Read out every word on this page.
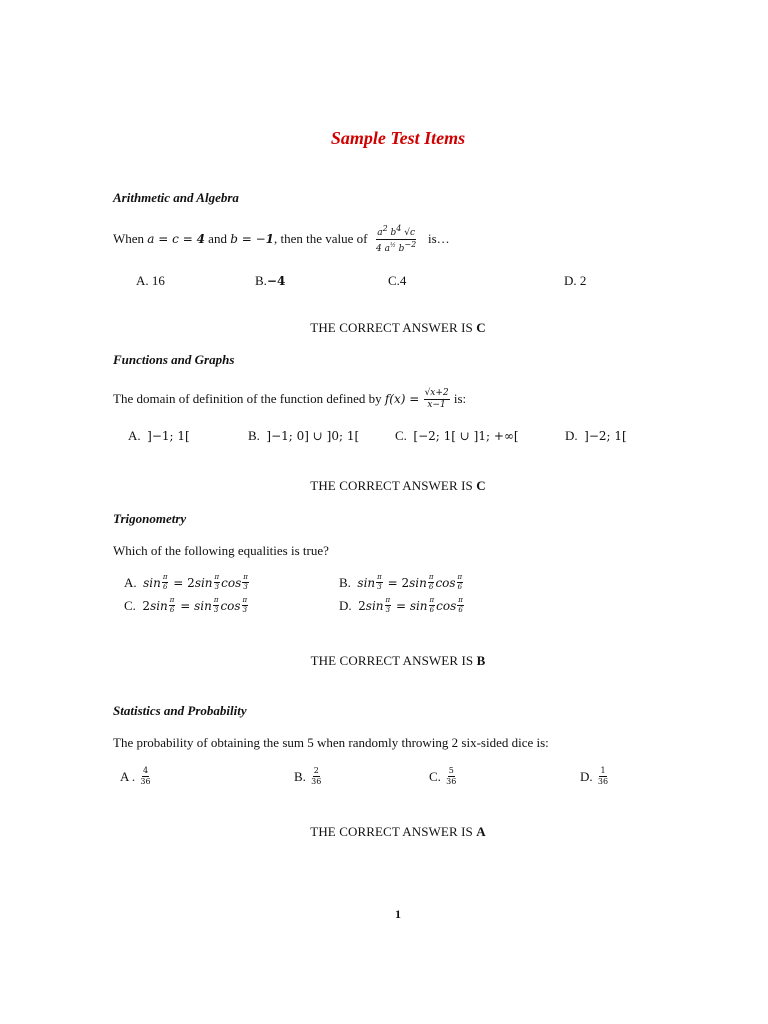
Sample Test Items
Arithmetic and Algebra
When
a = c = 4
and
b = −1 , then the value of
$\frac{a^2 b^4 √c}{4 a^{\frac{1}{2}} b^{-2}}$
is…
A. 16	B.−4	C.4	D. 2
THE CORRECT ANSWER IS C
Functions and Graphs
The domain of definition of the function defined by
f(x) =
$\frac{√x+2}{x-1}$
is:
A. ]−1; 1[	B. ]−1; 0] ∪ ]0; 1[	C. [−2; 1[ ∪ ]1; +∞[	D. ]−2; 1[
THE CORRECT ANSWER IS C
Trigonometry
Which of the following equalities is true?
A.
$\sin \frac{\pi}{6} = 2$ $\sin \frac{\pi}{3}$ $\cos \frac{\pi}{3}$	B.
$\sin \frac{\pi}{3} = 2$ $\sin \frac{\pi}{6}$ $\cos \frac{\pi}{6}$
C.
2 $\sin \frac{\pi}{6} = \sin \frac{\pi}{3}$ $\cos \frac{\pi}{3}$	D.
2 $\sin \frac{\pi}{3} = \sin \frac{\pi}{6}$ $\cos \frac{\pi}{6}$
THE CORRECT ANSWER IS B
Statistics and Probability
The probability of obtaining the sum 5 when randomly throwing 2 six-sided dice is:
A .
$\frac{4}{36}$	B.
$\frac{2}{36}$	C.
$\frac{5}{36}$	D.
$\frac{1}{36}$
THE CORRECT ANSWER IS A
1
